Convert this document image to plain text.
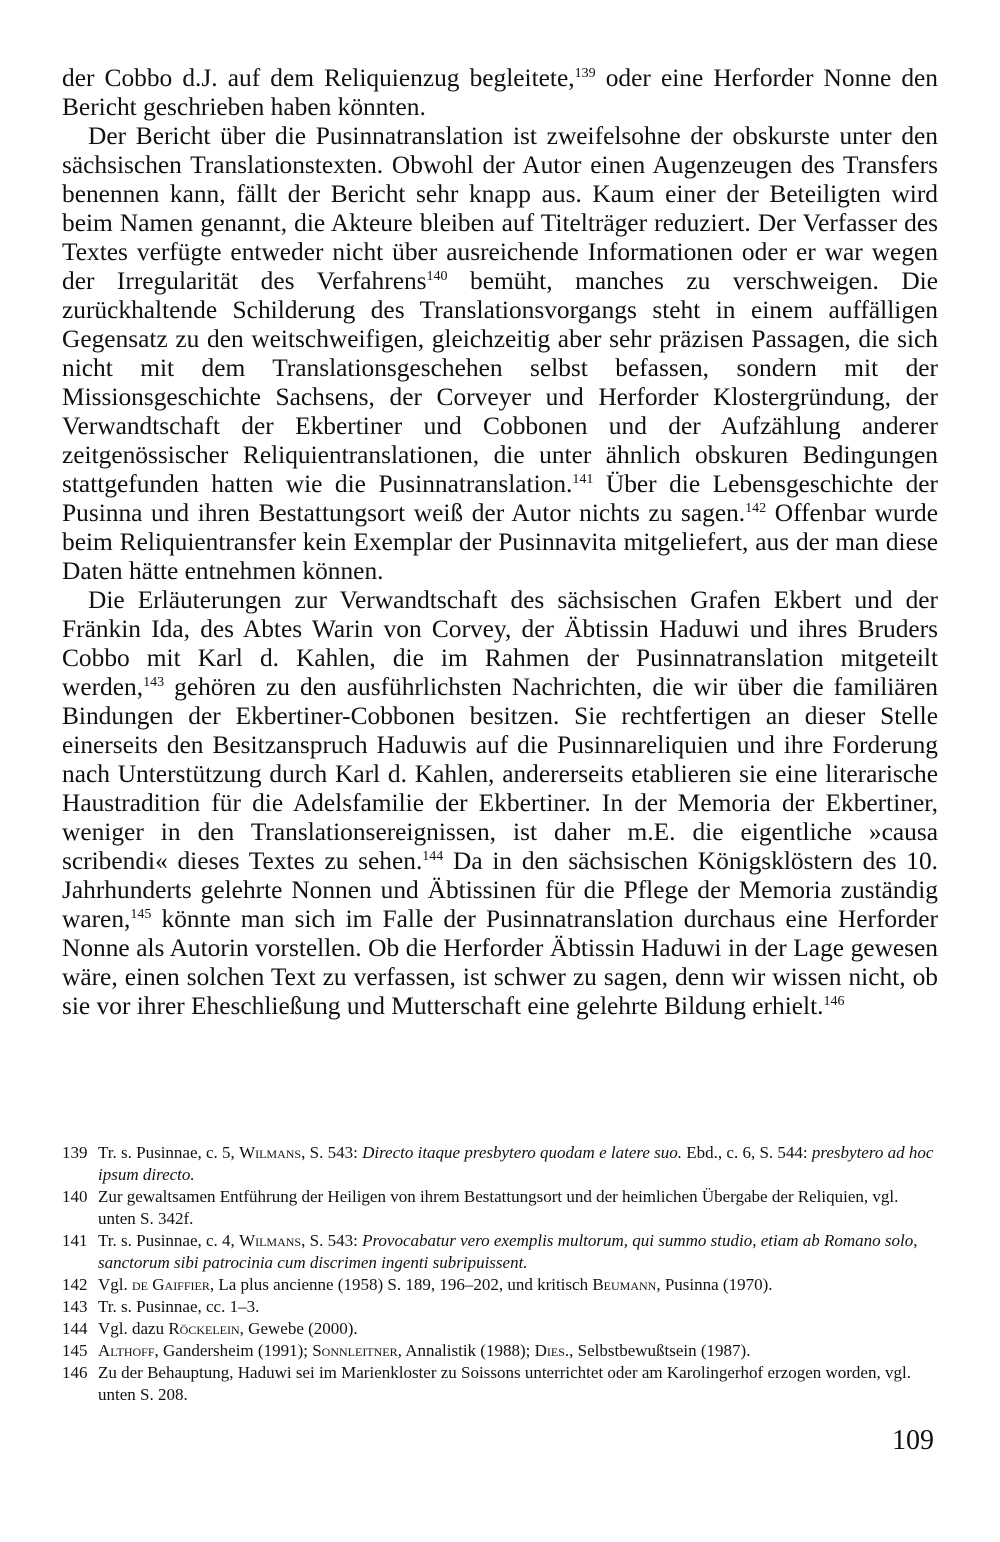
der Cobbo d.J. auf dem Reliquienzug begleitete,$^{139}$ oder eine Herforder Nonne den Bericht geschrieben haben könnten.

Der Bericht über die Pusinnatranslation ist zweifelsohne der obskurste unter den sächsischen Translationstexten. Obwohl der Autor einen Augenzeugen des Transfers benennen kann, fällt der Bericht sehr knapp aus. Kaum einer der Beteiligten wird beim Namen genannt, die Akteure bleiben auf Titelträger reduziert. Der Verfasser des Textes verfügte entweder nicht über ausreichende Informationen oder er war wegen der Irregularität des Verfahrens$^{140}$ bemüht, manches zu verschweigen. Die zurückhaltende Schilderung des Translationsvorgangs steht in einem auffälligen Gegensatz zu den weitschweifigen, gleichzeitig aber sehr präzisen Passagen, die sich nicht mit dem Translationsgeschehen selbst befassen, sondern mit der Missionsgeschichte Sachsens, der Corveyer und Herforder Klostergründung, der Verwandtschaft der Ekbertiner und Cobbonen und der Aufzählung anderer zeitgenössischer Reliquientranslationen, die unter ähnlich obskuren Bedingungen stattgefunden hatten wie die Pusinnatranslation.$^{141}$ Über die Lebensgeschichte der Pusinna und ihren Bestattungsort weiß der Autor nichts zu sagen.$^{142}$ Offenbar wurde beim Reliquientransfer kein Exemplar der Pusinnavita mitgeliefert, aus der man diese Daten hätte entnehmen können.

Die Erläuterungen zur Verwandtschaft des sächsischen Grafen Ekbert und der Fränkin Ida, des Abtes Warin von Corvey, der Äbtissin Haduwi und ihres Bruders Cobbo mit Karl d. Kahlen, die im Rahmen der Pusinnatranslation mitgeteilt werden,$^{143}$ gehören zu den ausführlichsten Nachrichten, die wir über die familiären Bindungen der Ekbertiner-Cobbonen besitzen. Sie rechtfertigen an dieser Stelle einerseits den Besitzanspruch Haduwis auf die Pusinnareliquien und ihre Forderung nach Unterstützung durch Karl d. Kahlen, andererseits etablieren sie eine literarische Haustradition für die Adelsfamilie der Ekbertiner. In der Memoria der Ekbertiner, weniger in den Translationsereignissen, ist daher m.E. die eigentliche »causa scribendi« dieses Textes zu sehen.$^{144}$ Da in den sächsischen Königsklöstern des 10. Jahrhunderts gelehrte Nonnen und Äbtissinen für die Pflege der Memoria zuständig waren,$^{145}$ könnte man sich im Falle der Pusinnatranslation durchaus eine Herforder Nonne als Autorin vorstellen. Ob die Herforder Äbtissin Haduwi in der Lage gewesen wäre, einen solchen Text zu verfassen, ist schwer zu sagen, denn wir wissen nicht, ob sie vor ihrer Eheschließung und Mutterschaft eine gelehrte Bildung erhielt.$^{146}$

139 Tr. s. Pusinnae, c. 5, Wilmans, S. 543: Directo itaque presbytero quodam e latere suo. Ebd., c. 6, S. 544: presbytero ad hoc ipsum directo.
140 Zur gewaltsamen Entführung der Heiligen von ihrem Bestattungsort und der heimlichen Übergabe der Reliquien, vgl. unten S. 342f.
141 Tr. s. Pusinnae, c. 4, Wilmans, S. 543: Provocabatur vero exemplis multorum, qui summo studio, etiam ab Romano solo, sanctorum sibi patrocinia cum discrimen ingenti subripuissent.
142 Vgl. de Gaiffier, La plus ancienne (1958) S. 189, 196–202, und kritisch Beumann, Pusinna (1970).
143 Tr. s. Pusinnae, cc. 1–3.
144 Vgl. dazu Röckelein, Gewebe (2000).
145 Althoff, Gandersheim (1991); Sonnleitner, Annalistik (1988); Dies., Selbstbewußtsein (1987).
146 Zu der Behauptung, Haduwi sei im Marienkloster zu Soissons unterrichtet oder am Karolingerhof erzogen worden, vgl. unten S. 208.
109
